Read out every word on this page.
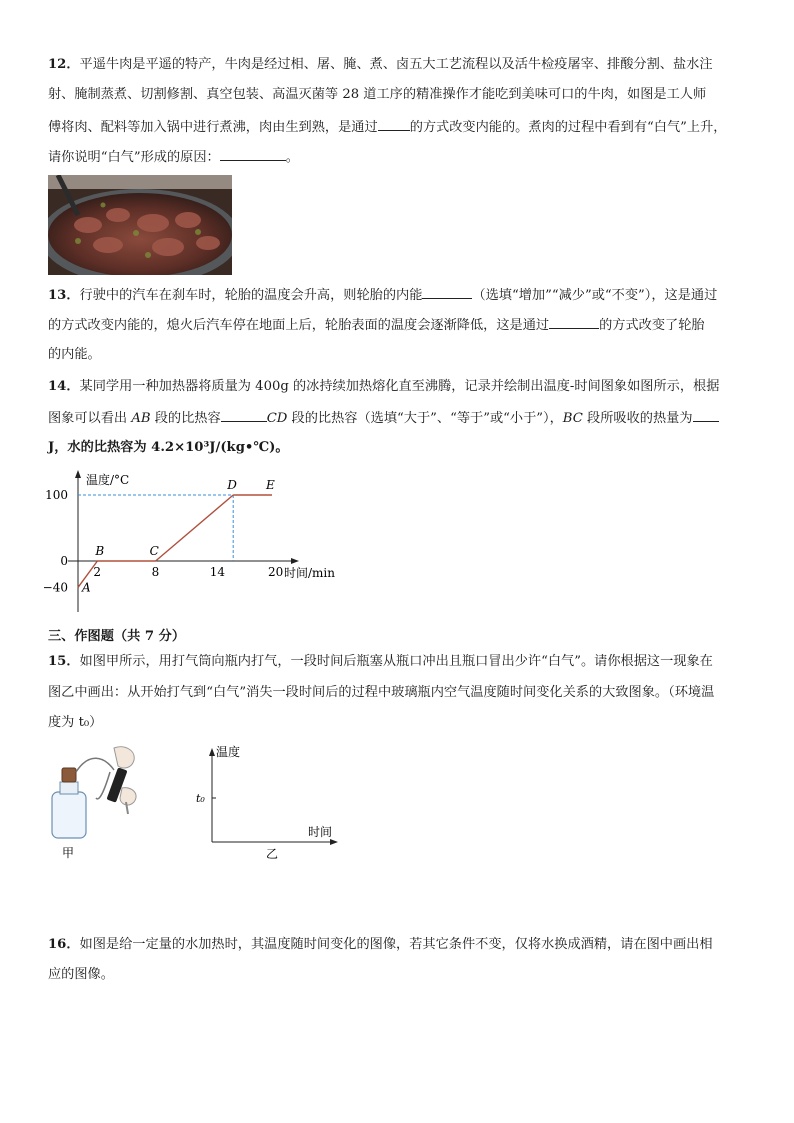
12．平遥牛肉是平遥的特产，牛肉是经过相、屠、腌、煮、卤五大工艺流程以及活牛检疫屠宰、排酸分割、盐水注
射、腌制蒸煮、切割修割、真空包装、高温灭菌等 28 道工序的精准操作才能吃到美味可口的牛肉，如图是工人师
傅将肉、配料等加入锅中进行煮沸，肉由生到熟，是通过 的方式改变内能的。煮肉的过程中看到有“白气”上升，
请你说明“白气”形成的原因：	。
13．行驶中的汽车在刹车时，轮胎的温度会升高，则轮胎的内能	（选填“增加”“减少”或“不变”），这是通过
的方式改变内能的，熄火后汽车停在地面上后，轮胎表面的温度会逐渐降低，这是通过	的方式改变了轮胎
的内能。
14．某同学用一种加热器将质量为 400g 的冰持续加热熔化直至沸腾，记录并绘制出温度-时间图象如图所示，根据
图象可以看出 AB 段的比热容	CD 段的比热容（选填“大于”、“等于”或“小于”），BC 段所吸收的热量为
J，水的比热容为 4.2×10³J/(kg•℃)。
2	8	14	20
100
0
−40
温度/°C
时间/min
A
B	C
D E
三、作图题（共 7 分）
15．如图甲所示，用打气筒向瓶内打气，一段时间后瓶塞从瓶口冲出且瓶口冒出少许“白气”。请你根据这一现象在
图乙中画出：从开始打气到“白气”消失一段时间后的过程中玻璃瓶内空气温度随时间变化关系的大致图象。（环境温
度为 t₀）
甲
温度
时间
t₀
乙
16．如图是给一定量的水加热时，其温度随时间变化的图像，若其它条件不变，仅将水换成酒精，请在图中画出相
应的图像。
